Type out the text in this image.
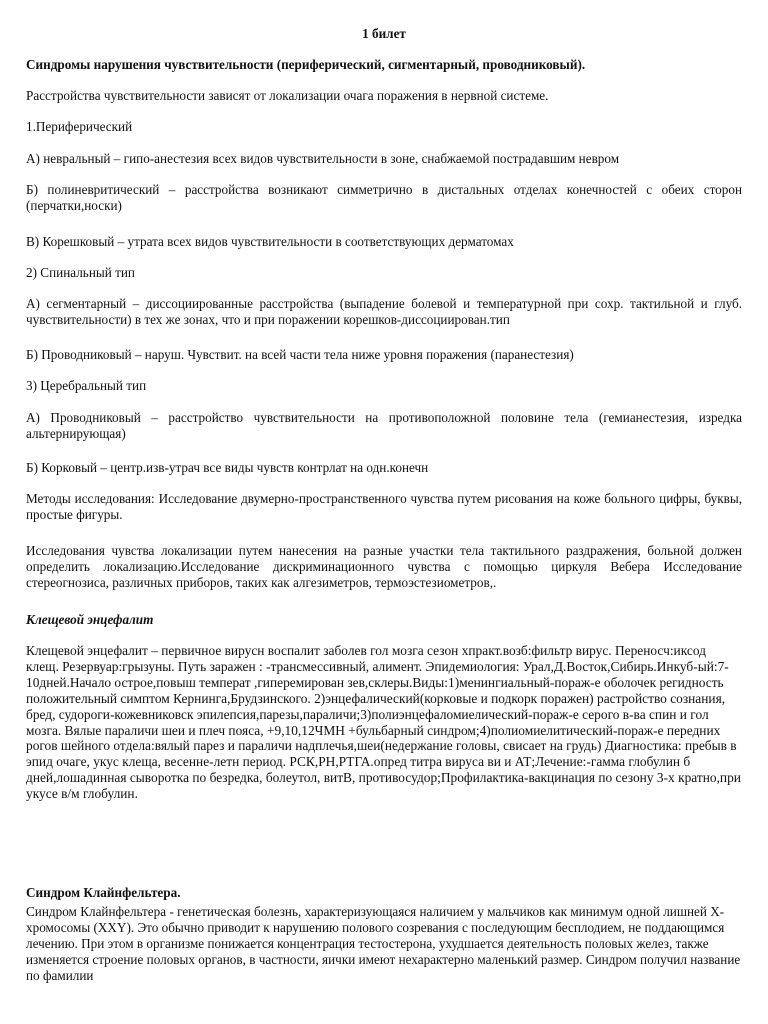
1 билет

Синдромы нарушения чувствительности (периферический, сигментарный, проводниковый).

Расстройства чувствительности зависят от локализации очага поражения в нервной системе.

1.Периферический

А) невральный – гипо-анестезия всех видов чувствительности в зоне, снабжаемой пострадавшим невром

Б) полиневритический – расстройства возникают симметрично в дистальных отделах конечностей с обеих сторон (перчатки,носки)

В) Корешковый – утрата всех видов чувствительности в соответствующих дерматомах

2) Спинальный тип

А) сегментарный – диссоциированные расстройства (выпадение болевой и температурной при сохр. тактильной и глуб. чувствительности) в тех же зонах, что и при поражении корешков-диссоциирован.тип

Б) Проводниковый – наруш. Чувствит. на всей части тела ниже уровня поражения (паранестезия)

3) Церебральный тип

А) Проводниковый – расстройство чувствительности на противоположной половине тела (гемианестезия, изредка альтернирующая)

Б) Корковый – центр.изв-утрач все виды чувств контрлат на одн.конечн

Методы исследования: Исследование двумерно-пространственного чувства путем рисования на коже больного цифры, буквы, простые фигуры.

Исследования чувства локализации путем нанесения на разные участки тела тактильного раздражения, больной должен определить локализацию.Исследование дискриминационного чувства с помощью циркуля Вебера Исследование стереогнозиса, различных приборов, таких как алгезиметров, термоэстезиометров,.

Клещевой энцефалит

Клещевой энцефалит – первичное вирусн воспалит заболев гол мозга сезон хпракт.возб:фильтр вирус. Переносч:иксод клещ. Резервуар:грызуны. Путь заражен : -трансмессивный, алимент. Эпидемиология: Урал,Д.Восток,Сибирь.Инкуб-ый:7-10дней.Начало острое,повыш температ ,гиперемирован зев,склеры.Виды:1)менингиальный-пораж-е оболочек регидность положительный симптом Кернинга,Брудзинского. 2)энцефалический(корковые и подкорк поражен) растройство сознания, бред, судороги-кожевниковск эпилепсия,парезы,параличи;3)полиэнцефаломиелический-пораж-е серого в-ва спин и гол мозга. Вялые параличи шеи и плеч пояса, +9,10,12ЧМН +бульбарный синдром;4)полиомиелитический-пораж-е передних рогов шейного отдела:вялый парез и параличи надплечья,шеи(недержание головы, свисает на грудь) Диагностика: пребыв в эпид очаге, укус клеща, весенне-летн период. РСК,РН,РТГА.опред титра вируса ви и АТ;Лечение:-гамма глобулин б дней,лошадинная сыворотка по безредка, болеутол, витВ, противосудор;Профилактика-вакцинация по сезону 3-х кратно,при укусе в/м глобулин.

Синдром Клайнфельтера.

Синдром Клайнфельтера - генетическая болезнь, характеризующаяся наличием у мальчиков как минимум одной лишней X-хромосомы (XXY). Это обычно приводит к нарушению полового созревания с последующим бесплодием, не поддающимся лечению. При этом в организме понижается концентрация тестостерона, ухудшается деятельность половых желез, также изменяется строение половых органов, в частности, яички имеют нехарактерно маленький размер. Синдром получил название по фамилии
